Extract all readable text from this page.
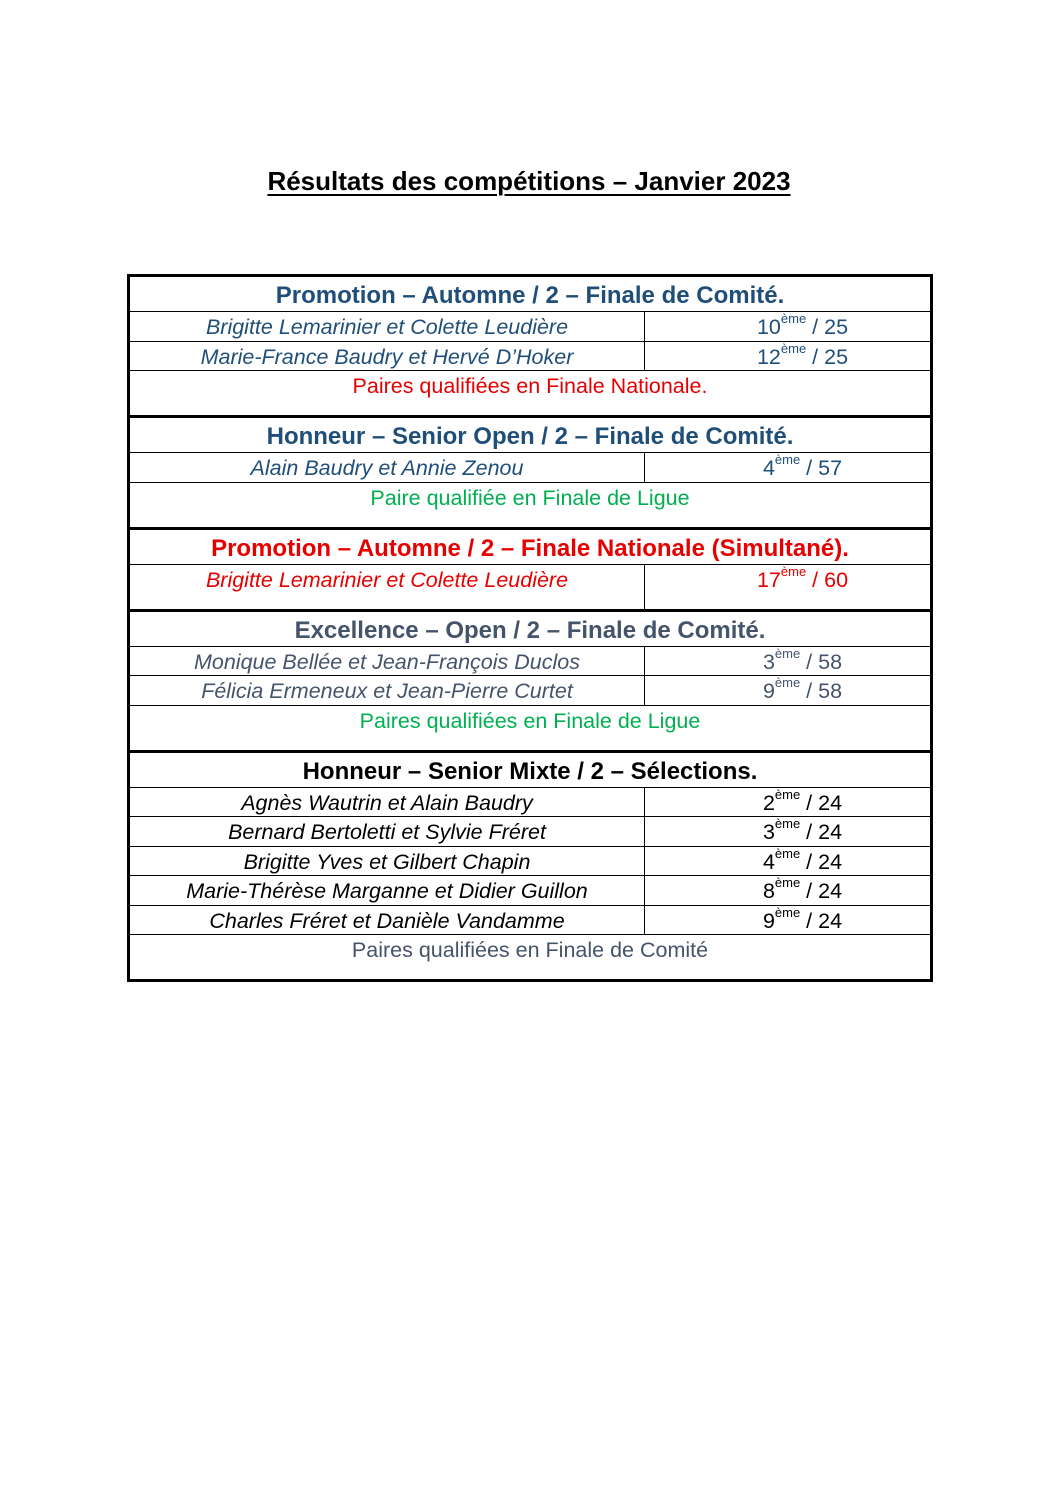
Résultats des compétitions – Janvier 2023
Promotion – Automne / 2 – Finale de Comité.
Brigitte Lemarinier et Colette Leudière	10ème / 25
Marie-France Baudry et Hervé D’Hoker	12ème / 25
Paires qualifiées en Finale Nationale.
Honneur – Senior Open / 2 – Finale de Comité.
Alain Baudry et Annie Zenou	4ème / 57
Paire qualifiée en Finale de Ligue
Promotion – Automne / 2 – Finale Nationale (Simultané).
Brigitte Lemarinier et Colette Leudière	17ème / 60
Excellence – Open / 2 – Finale de Comité.
Monique Bellée et Jean-François Duclos	3ème / 58
Félicia Ermeneux et Jean-Pierre Curtet	9ème / 58
Paires qualifiées en Finale de Ligue
Honneur – Senior Mixte / 2 – Sélections.
Agnès Wautrin et Alain Baudry	2ème / 24
Bernard Bertoletti et Sylvie Fréret	3ème / 24
Brigitte Yves et Gilbert Chapin	4ème / 24
Marie-Thérèse Marganne et Didier Guillon	8ème / 24
Charles Fréret et Danièle Vandamme	9ème / 24
Paires qualifiées en Finale de Comité
